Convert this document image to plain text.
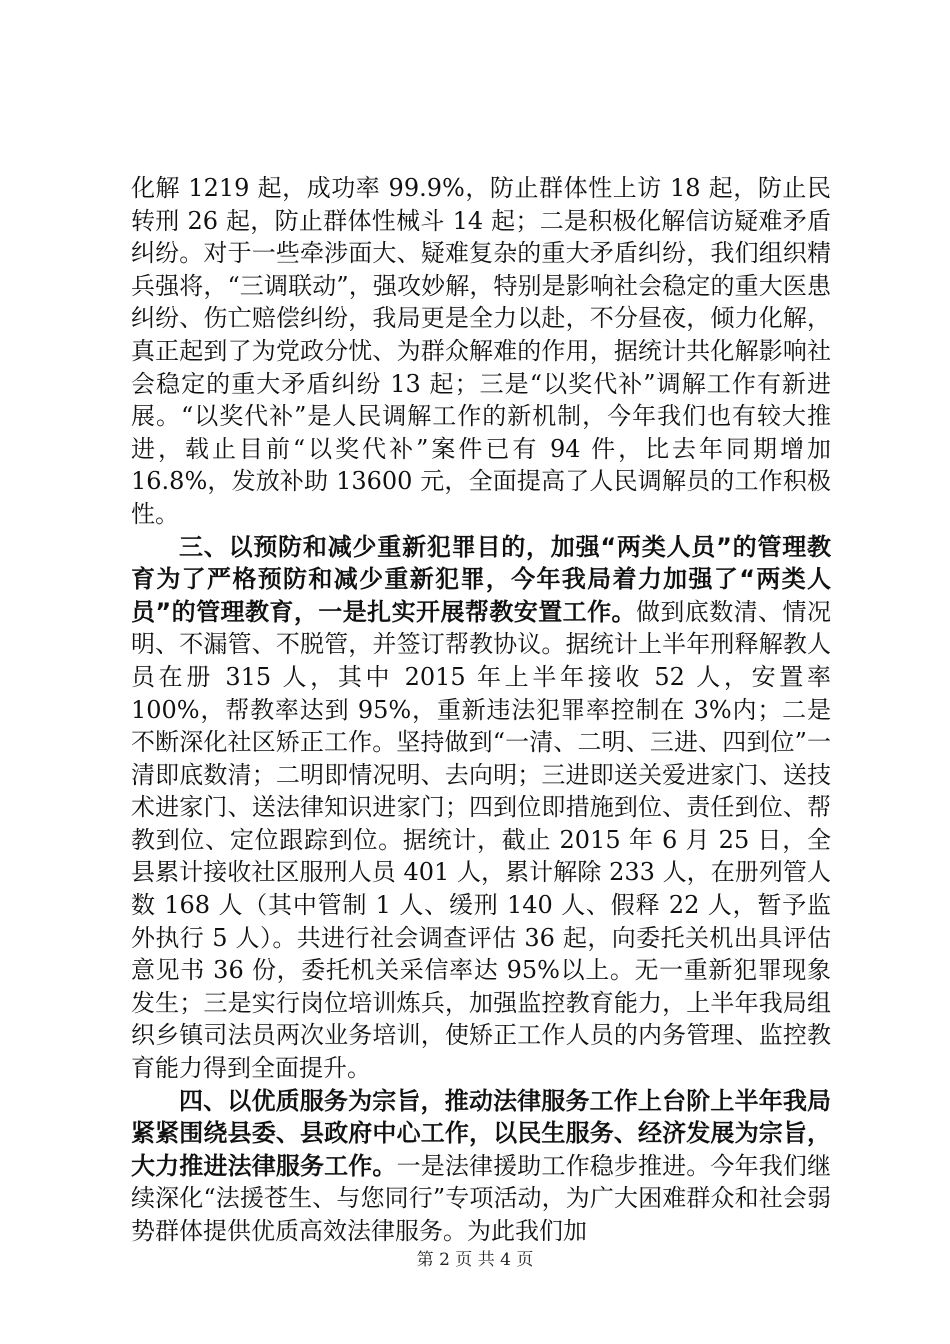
化解 1219 起，成功率 99.9%，防止群体性上访 18 起，防止民转刑 26 起，防止群体性械斗 14 起；二是积极化解信访疑难矛盾纠纷。对于一些牵涉面大、疑难复杂的重大矛盾纠纷，我们组织精兵强将，“三调联动”，强攻妙解，特别是影响社会稳定的重大医患纠纷、伤亡赔偿纠纷，我局更是全力以赴，不分昼夜，倾力化解，真正起到了为党政分忧、为群众解难的作用，据统计共化解影响社会稳定的重大矛盾纠纷 13 起；三是“以奖代补”调解工作有新进展。“以奖代补”是人民调解工作的新机制，今年我们也有较大推进，载止目前“以奖代补”案件已有 94 件，比去年同期增加 16.8%，发放补助 13600 元，全面提高了人民调解员的工作积极性。

三、以预防和减少重新犯罪目的，加强“两类人员”的管理教育为了严格预防和减少重新犯罪，今年我局着力加强了“两类人员”的管理教育，一是扎实开展帮教安置工作。做到底数清、情况明、不漏管、不脱管，并签订帮教协议。据统计上半年刑释解教人员在册 315 人，其中 2015 年上半年接收 52 人，安置率 100%，帮教率达到 95%，重新违法犯罪率控制在 3%内；二是不断深化社区矫正工作。坚持做到“一清、二明、三进、四到位”一清即底数清；二明即情况明、去向明；三进即送关爱进家门、送技术进家门、送法律知识进家门；四到位即措施到位、责任到位、帮教到位、定位跟踪到位。据统计，截止 2015 年 6 月 25 日，全县累计接收社区服刑人员 401 人，累计解除 233 人，在册列管人数 168 人（其中管制 1 人、缓刑 140 人、假释 22 人，暂予监外执行 5 人）。共进行社会调查评估 36 起，向委托关机出具评估意见书 36 份，委托机关采信率达 95%以上。无一重新犯罪现象发生；三是实行岗位培训炼兵，加强监控教育能力，上半年我局组织乡镇司法员两次业务培训，使矫正工作人员的内务管理、监控教育能力得到全面提升。

四、以优质服务为宗旨，推动法律服务工作上台阶上半年我局紧紧围绕县委、县政府中心工作，以民生服务、经济发展为宗旨，大力推进法律服务工作。一是法律援助工作稳步推进。今年我们继续深化“法援苍生、与您同行”专项活动，为广大困难群众和社会弱势群体提供优质高效法律服务。为此我们加

第 2 页 共 4 页
